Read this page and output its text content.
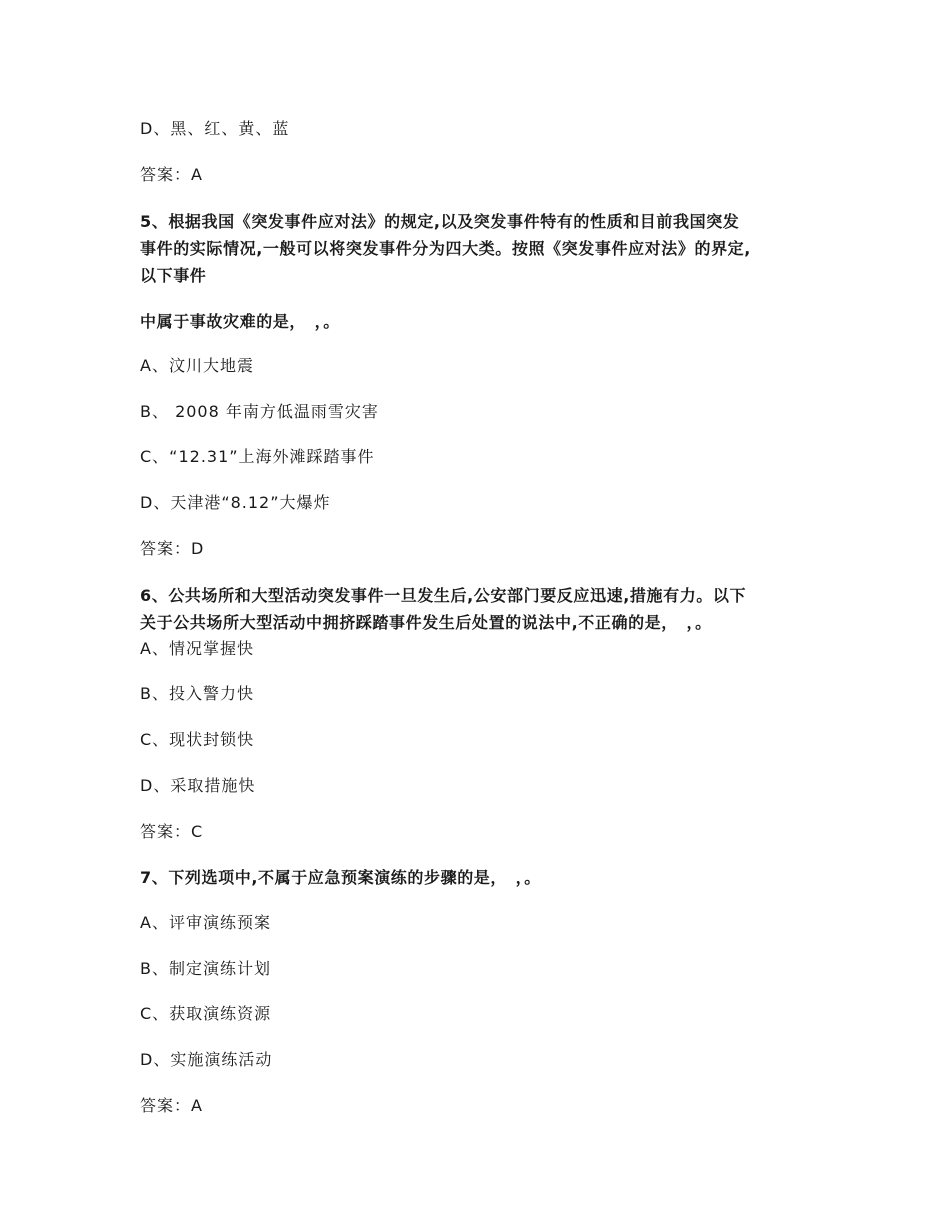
D、黑、红、黄、蓝
答案：A
5、根据我国《突发事件应对法》的规定,以及突发事件特有的性质和目前我国突发
事件的实际情况,一般可以将突发事件分为四大类。按照《突发事件应对法》的界定,
以下事件
中属于事故灾难的是，　，。
A、汶川大地震
B、 2008 年南方低温雨雪灾害
C、“12.31”上海外滩踩踏事件
D、天津港“8.12”大爆炸
答案：D
6、公共场所和大型活动突发事件一旦发生后,公安部门要反应迅速,措施有力。以下
关于公共场所大型活动中拥挤踩踏事件发生后处置的说法中,不正确的是，　，。
A、情况掌握快
B、投入警力快
C、现状封锁快
D、采取措施快
答案：C
7、下列选项中,不属于应急预案演练的步骤的是，　，。
A、评审演练预案
B、制定演练计划
C、获取演练资源
D、实施演练活动
答案：A
